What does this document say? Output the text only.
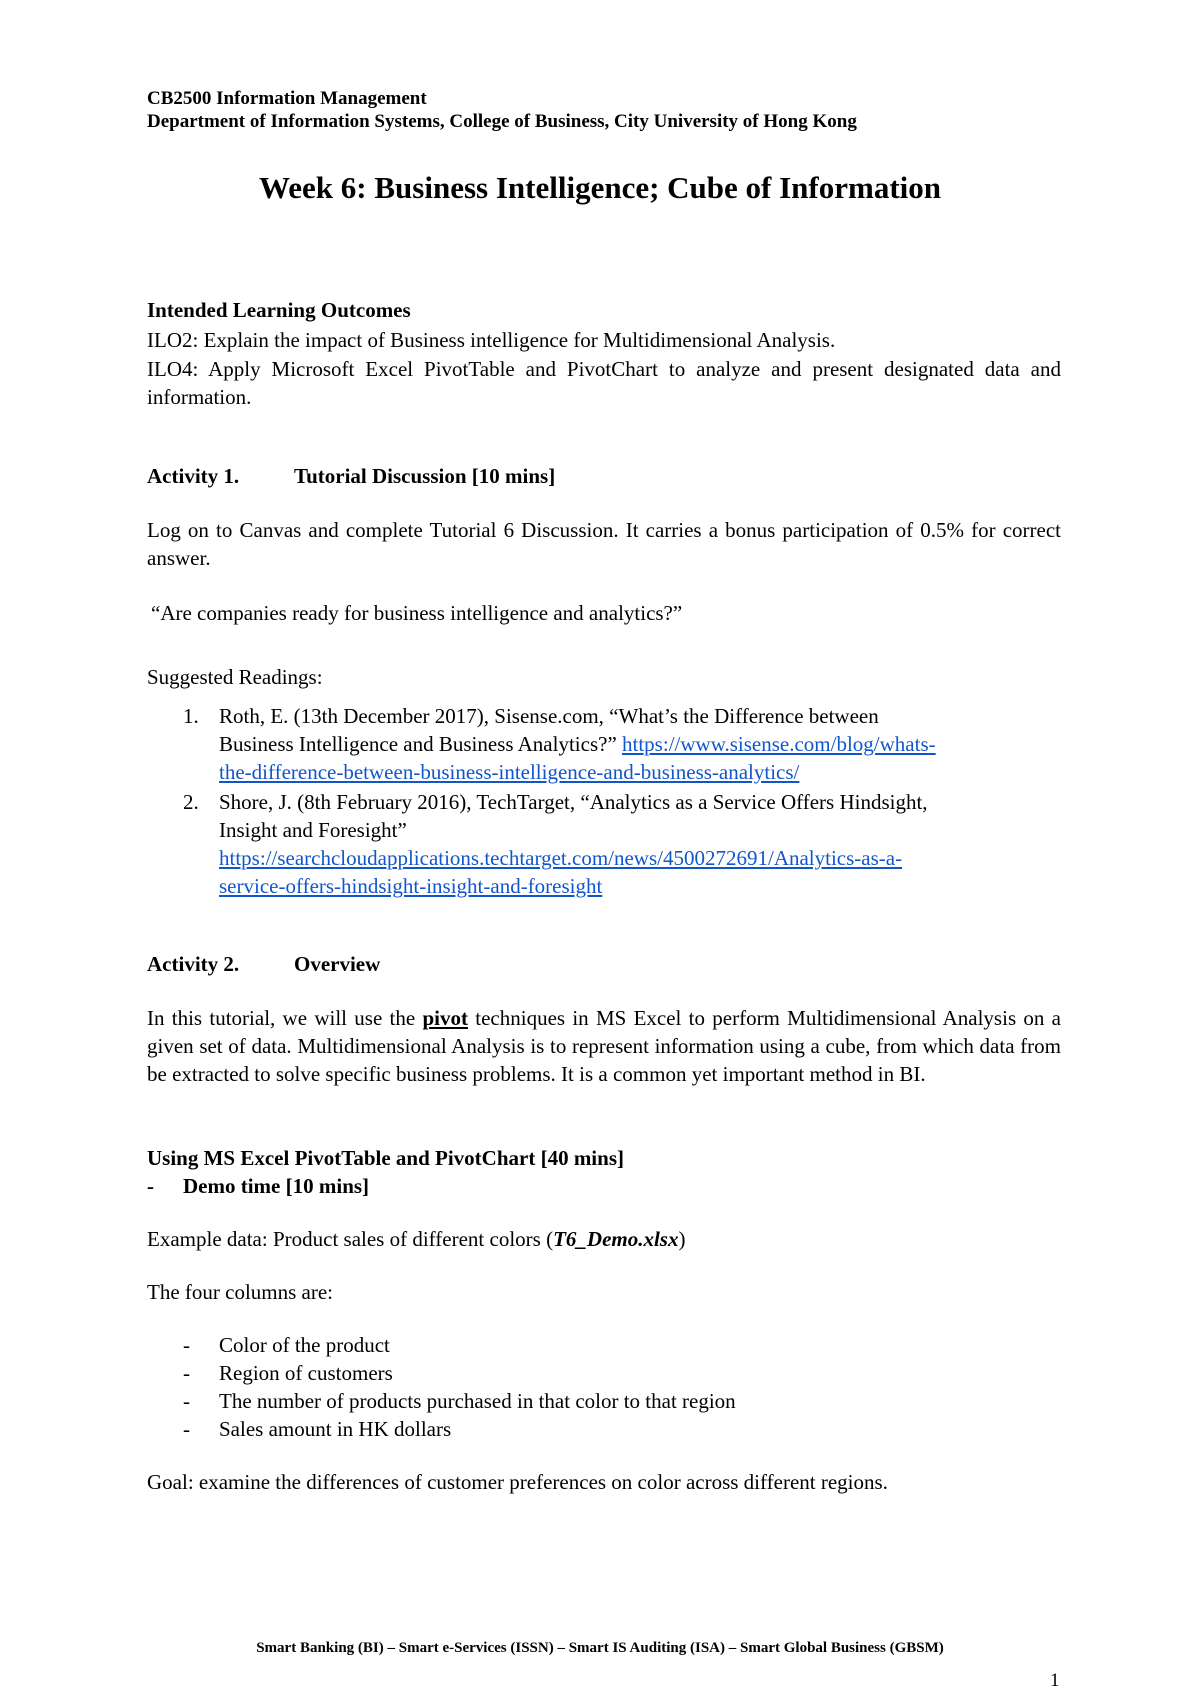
CB2500 Information Management
Department of Information Systems, College of Business, City University of Hong Kong
Week 6: Business Intelligence; Cube of Information
Intended Learning Outcomes
ILO2: Explain the impact of Business intelligence for Multidimensional Analysis.
ILO4: Apply Microsoft Excel PivotTable and PivotChart to analyze and present designated data and information.
Activity 1.	Tutorial Discussion [10 mins]
Log on to Canvas and complete Tutorial 6 Discussion. It carries a bonus participation of 0.5% for correct answer.
“Are companies ready for business intelligence and analytics?”
Suggested Readings:
1. Roth, E. (13th December 2017), Sisense.com, “What’s the Difference between
Business Intelligence and Business Analytics?” https://www.sisense.com/blog/whats-
the-difference-between-business-intelligence-and-business-analytics/
2. Shore, J. (8th February 2016), TechTarget, “Analytics as a Service Offers Hindsight,
Insight and Foresight”
https://searchcloudapplications.techtarget.com/news/4500272691/Analytics-as-a-
service-offers-hindsight-insight-and-foresight
Activity 2.	Overview
In this tutorial, we will use the pivot techniques in MS Excel to perform Multidimensional Analysis on a given set of data. Multidimensional Analysis is to represent information using a cube, from which data from be extracted to solve specific business problems. It is a common yet important method in BI.
Using MS Excel PivotTable and PivotChart [40 mins]
- Demo time [10 mins]
Example data: Product sales of different colors (T6_Demo.xlsx)
The four columns are:
- Color of the product
- Region of customers
- The number of products purchased in that color to that region
- Sales amount in HK dollars
Goal: examine the differences of customer preferences on color across different regions.
Smart Banking (BI) – Smart e-Services (ISSN) – Smart IS Auditing (ISA) – Smart Global Business (GBSM)
1
